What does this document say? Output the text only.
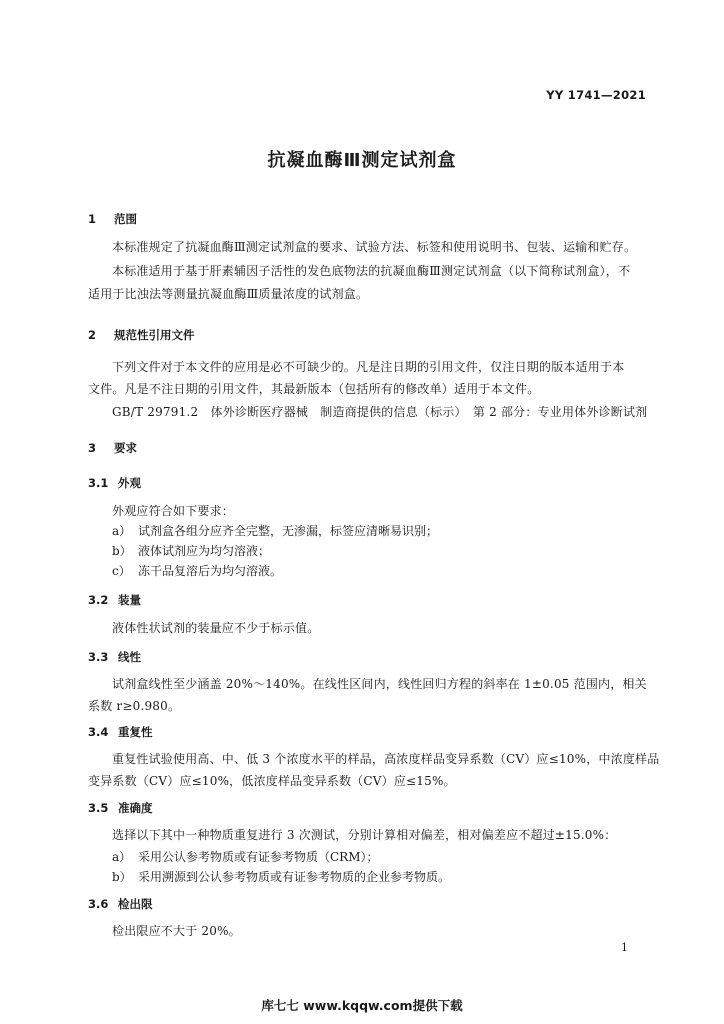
YY 1741—2021
抗凝血酶Ⅲ测定试剂盒
1 范围
本标准规定了抗凝血酶Ⅲ测定试剂盒的要求、试验方法、标签和使用说明书、包装、运输和贮存。
本标准适用于基于肝素辅因子活性的发色底物法的抗凝血酶Ⅲ测定试剂盒（以下简称试剂盒），不
适用于比浊法等测量抗凝血酶Ⅲ质量浓度的试剂盒。
2 规范性引用文件
下列文件对于本文件的应用是必不可缺少的。凡是注日期的引用文件，仅注日期的版本适用于本
文件。凡是不注日期的引用文件，其最新版本（包括所有的修改单）适用于本文件。
GB/T 29791.2　体外诊断医疗器械　制造商提供的信息（标示）　第 2 部分：专业用体外诊断试剂
3 要求
3.1 外观
外观应符合如下要求：
a） 试剂盒各组分应齐全完整，无渗漏，标签应清晰易识别；
b） 液体试剂应为均匀溶液；
c） 冻干品复溶后为均匀溶液。
3.2 装量
液体性状试剂的装量应不少于标示值。
3.3 线性
试剂盒线性至少涵盖 20%～140%。在线性区间内，线性回归方程的斜率在 1±0.05 范围内，相关
系数 r≥0.980。
3.4 重复性
重复性试验使用高、中、低 3 个浓度水平的样品，高浓度样品变异系数（CV）应≤10%，中浓度样品
变异系数（CV）应≤10%，低浓度样品变异系数（CV）应≤15%。
3.5 准确度
选择以下其中一种物质重复进行 3 次测试，分别计算相对偏差，相对偏差应不超过±15.0%：
a） 采用公认参考物质或有证参考物质（CRM）；
b） 采用溯源到公认参考物质或有证参考物质的企业参考物质。
3.6 检出限
检出限应不大于 20%。
1
库七七 www.kqqw.com提供下载
